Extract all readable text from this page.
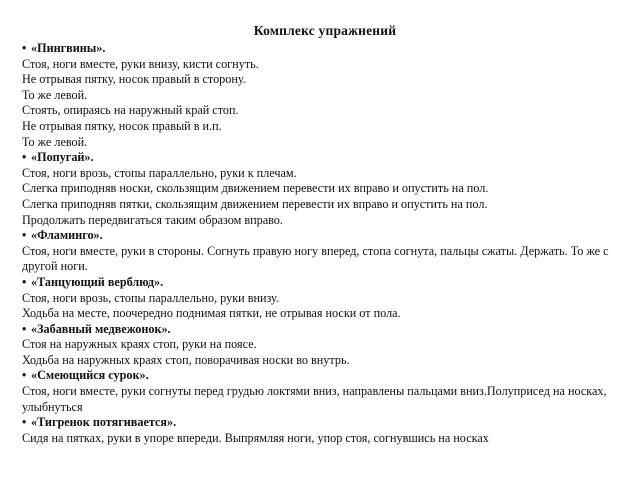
Комплекс упражнений
• «Пингвины».

Стоя, ноги вместе, руки внизу, кисти согнуть.

Не отрывая пятку, носок правый в сторону.

То же левой.

Стоять, опираясь на наружный край стоп.

Не отрывая пятку, носок правый в и.п.

То же левой.

• «Попугай».

Стоя, ноги врозь, стопы параллельно, руки к плечам.

Слегка приподняв носки, скользящим движением перевести их вправо и опустить на пол.

Слегка приподняв пятки, скользящим движением перевести их вправо и опустить на пол.

Продолжать передвигаться таким образом вправо.

• «Фламинго».

Стоя, ноги вместе, руки в стороны. Согнуть правую ногу вперед, стопа согнута, пальцы сжаты. Держать. То же с другой ноги.

• «Танцующий верблюд».

Стоя, ноги врозь, стопы параллельно, руки внизу.

Ходьба на месте, поочередно поднимая пятки, не отрывая носки от пола.

• «Забавный медвежонок».

Стоя на наружных краях стоп, руки на поясе.

Ходьба на наружных краях стоп, поворачивая носки во внутрь.

• «Смеющийся сурок».

Стоя, ноги вместе, руки согнуты перед грудью локтями вниз, направлены пальцами вниз.Полуприсед на носках, улыбнуться

• «Тигренок потягивается».

Сидя на пятках, руки в упоре впереди. Выпрямляя ноги, упор стоя, согнувшись на носках
